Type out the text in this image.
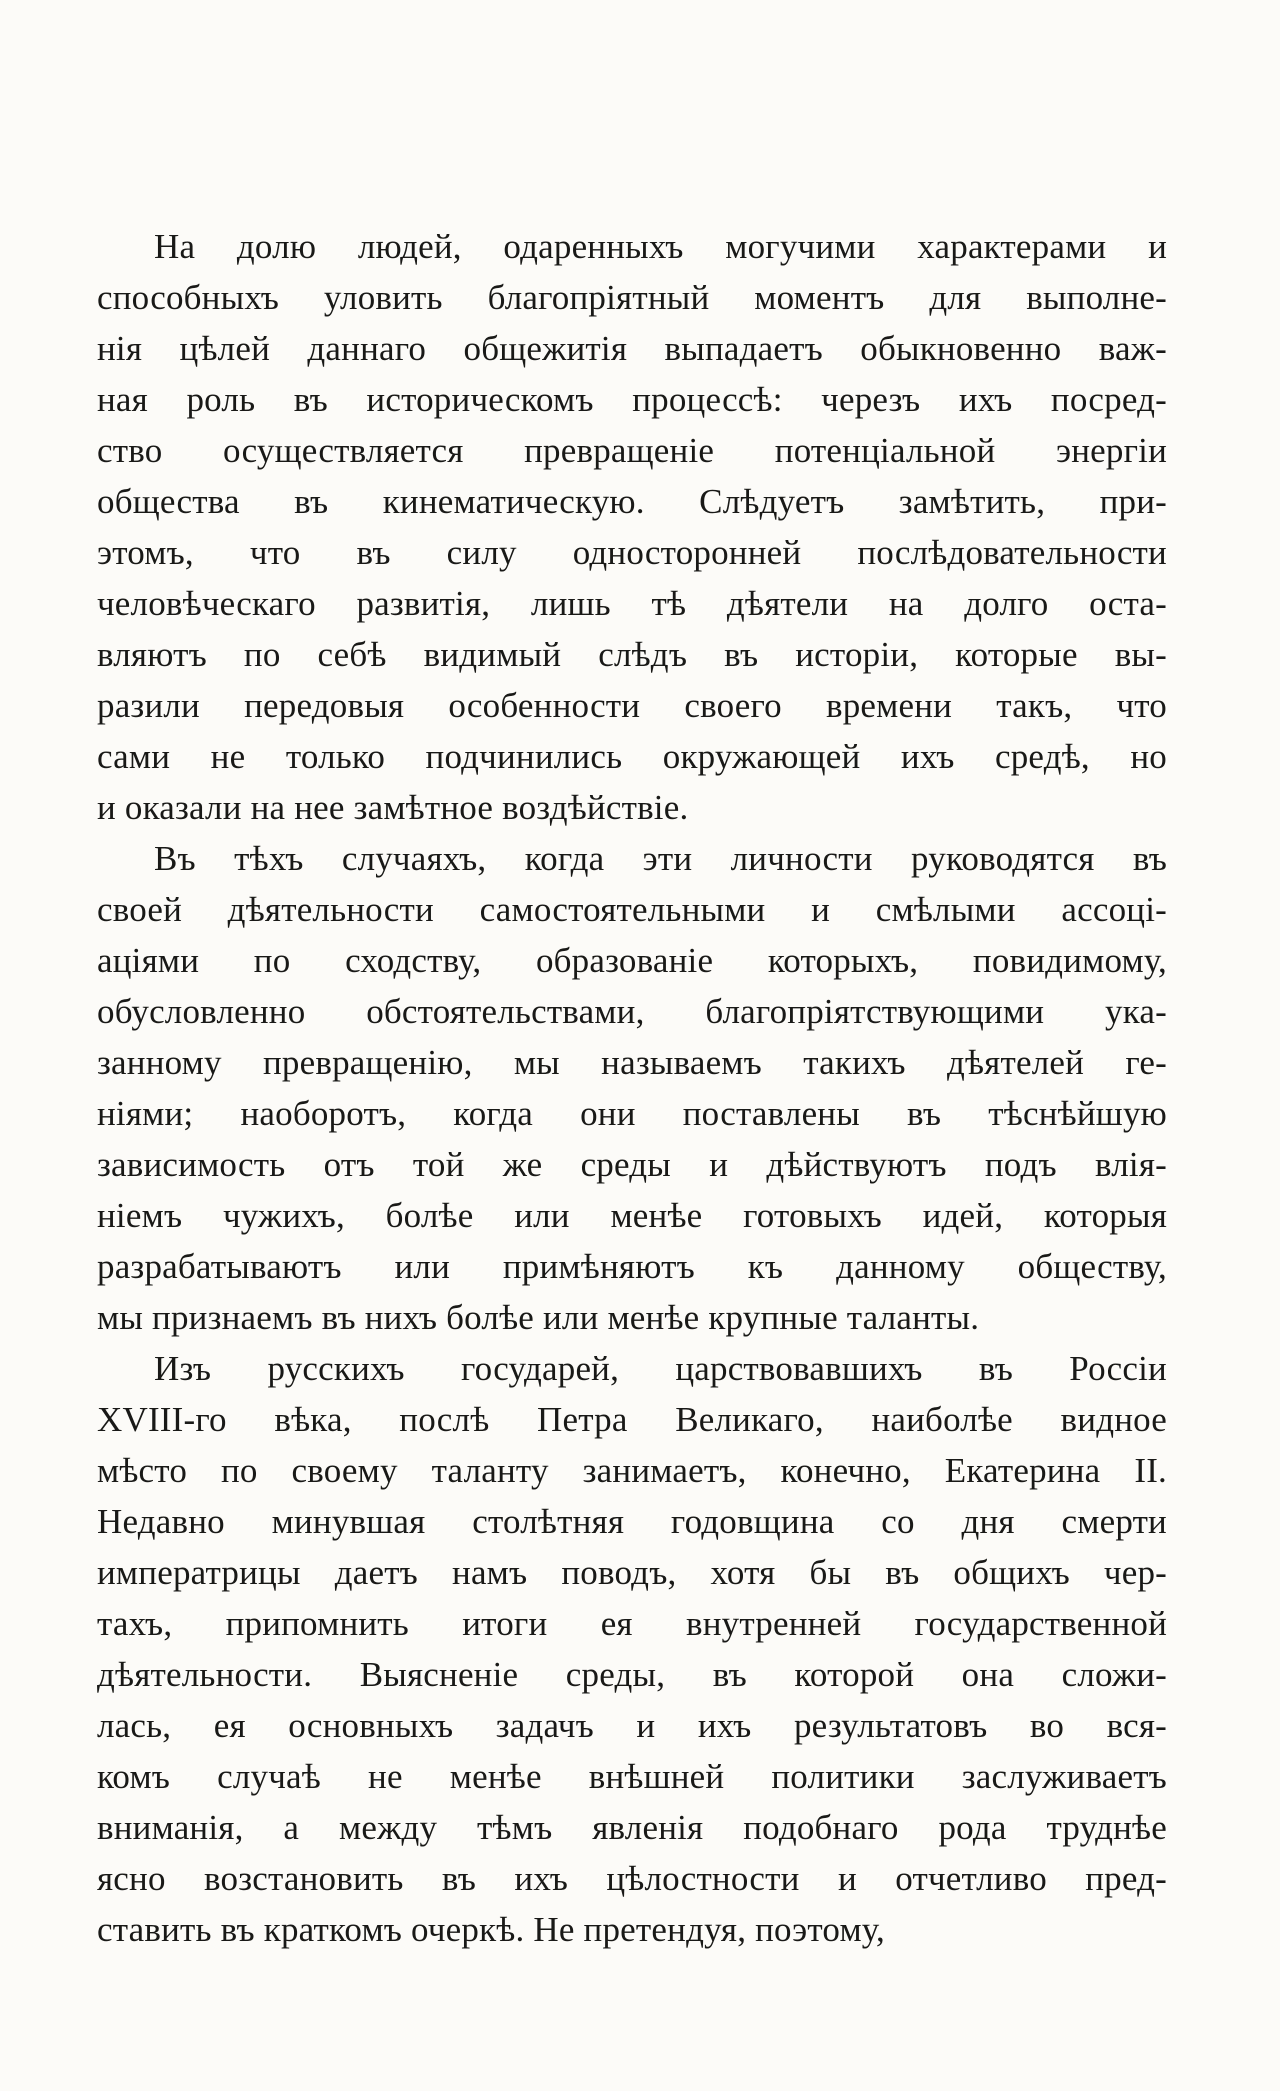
На долю людей, одаренныхъ могучими характерами и
способныхъ уловить благопріятный моментъ для выполне-
нія цѣлей даннаго общежитія выпадаетъ обыкновенно важ-
ная роль въ историческомъ процессѣ: черезъ ихъ посред-
ство осуществляется превращеніе потенціальной энергіи
общества въ кинематическую. Слѣдуетъ замѣтить, при-
этомъ, что въ силу односторонней послѣдовательности
человѣческаго развитія, лишь тѣ дѣятели на долго оста-
вляютъ по себѣ видимый слѣдъ въ исторіи, которые вы-
разили передовыя особенности своего времени такъ, что
сами не только подчинились окружающей ихъ средѣ, но
и оказали на нее замѣтное воздѣйствіе.
Въ тѣхъ случаяхъ, когда эти личности руководятся въ
своей дѣятельности самостоятельными и смѣлыми ассоці-
аціями по сходству, образованіе которыхъ, повидимому,
обусловленно обстоятельствами, благопріятствующими ука-
занному превращенію, мы называемъ такихъ дѣятелей ге-
ніями; наоборотъ, когда они поставлены въ тѣснѣйшую
зависимость отъ той же среды и дѣйствуютъ подъ влія-
ніемъ чужихъ, болѣе или менѣе готовыхъ идей, которыя
разрабатываютъ или примѣняютъ къ данному обществу,
мы признаемъ въ нихъ болѣе или менѣе крупные таланты.
Изъ русскихъ государей, царствовавшихъ въ Россіи
XVIII-го вѣка, послѣ Петра Великаго, наиболѣе видное
мѣсто по своему таланту занимаетъ, конечно, Екатерина II.
Недавно минувшая столѣтняя годовщина со дня смерти
императрицы даетъ намъ поводъ, хотя бы въ общихъ чер-
тахъ, припомнить итоги ея внутренней государственной
дѣятельности. Выясненіе среды, въ которой она сложи-
лась, ея основныхъ задачъ и ихъ результатовъ во вся-
комъ случаѣ не менѣе внѣшней политики заслуживаетъ
вниманія, а между тѣмъ явленія подобнаго рода труднѣе
ясно возстановить въ ихъ цѣлостности и отчетливо пред-
ставить въ краткомъ очеркѣ. Не претендуя, поэтому,
